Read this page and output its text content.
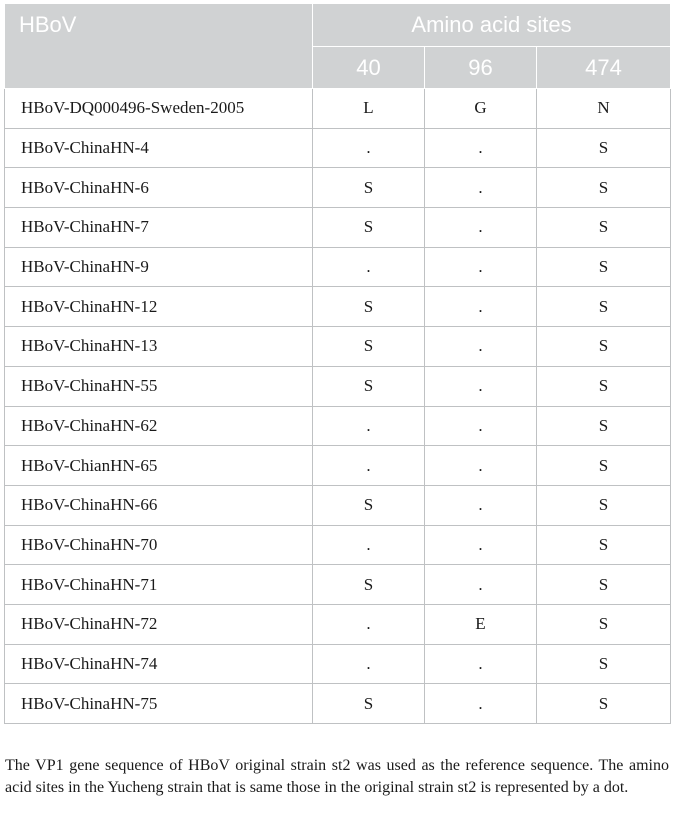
HBoV	Amino acid sites		
	40	96	474
HBoV-DQ000496-Sweden-2005	L	G	N
HBoV-ChinaHN-4	.	.	S
HBoV-ChinaHN-6	S	.	S
HBoV-ChinaHN-7	S	.	S
HBoV-ChinaHN-9	.	.	S
HBoV-ChinaHN-12	S	.	S
HBoV-ChinaHN-13	S	.	S
HBoV-ChinaHN-55	S	.	S
HBoV-ChinaHN-62	.	.	S
HBoV-ChianHN-65	.	.	S
HBoV-ChinaHN-66	S	.	S
HBoV-ChinaHN-70	.	.	S
HBoV-ChinaHN-71	S	.	S
HBoV-ChinaHN-72	.	E	S
HBoV-ChinaHN-74	.	.	S
HBoV-ChinaHN-75	S	.	S

The VP1 gene sequence of HBoV original strain st2 was used as the reference sequence. The amino acid sites in the Yucheng strain that is same those in the original strain st2 is represented by a dot.
